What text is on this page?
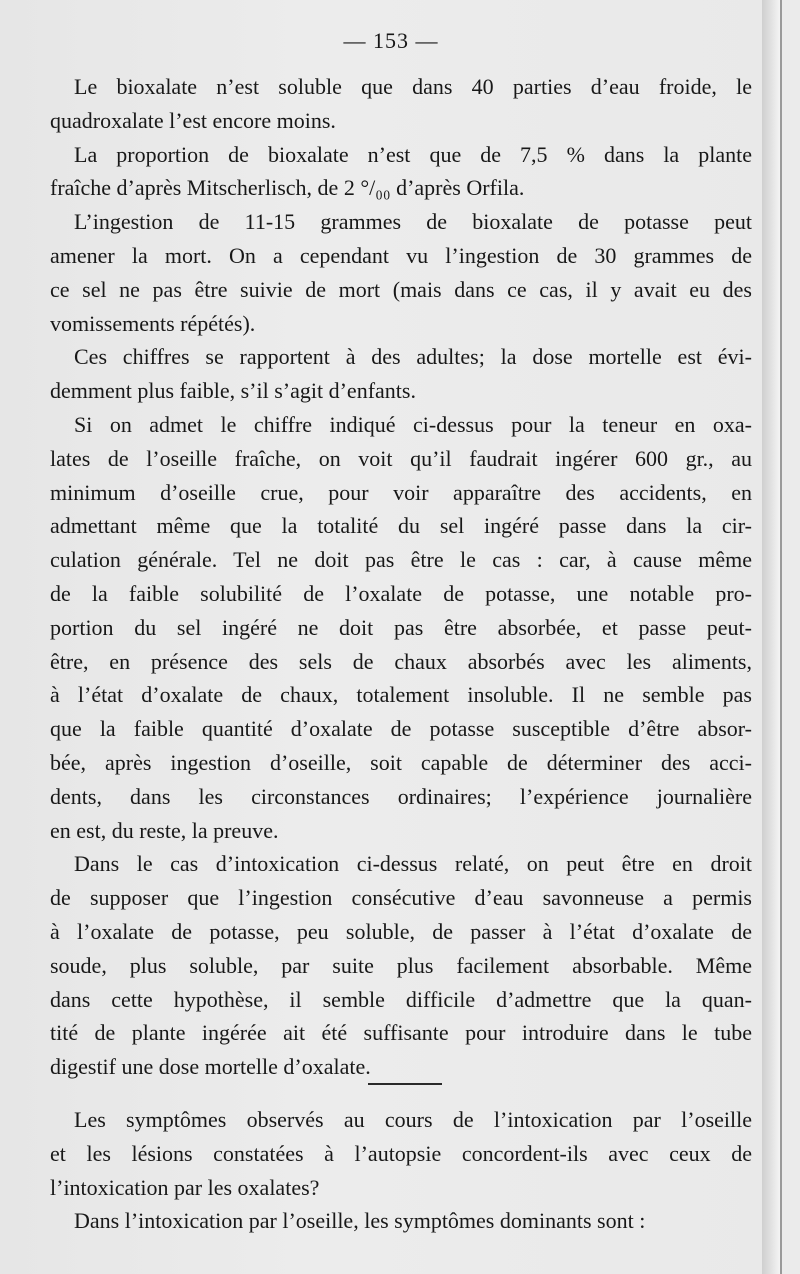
— 153 —
Le bioxalate n’est soluble que dans 40 parties d’eau froide, le
quadroxalate l’est encore moins.
La proportion de bioxalate n’est que de 7,5 % dans la plante
fraîche d’après Mitscherlisch, de 2 °/₀₀ d’après Orfila.
L’ingestion de 11-15 grammes de bioxalate de potasse peut
amener la mort. On a cependant vu l’ingestion de 30 grammes de
ce sel ne pas être suivie de mort (mais dans ce cas, il y avait eu des
vomissements répétés).
Ces chiffres se rapportent à des adultes; la dose mortelle est évi-
demment plus faible, s’il s’agit d’enfants.
Si on admet le chiffre indiqué ci-dessus pour la teneur en oxa-
lates de l’oseille fraîche, on voit qu’il faudrait ingérer 600 gr., au
minimum d’oseille crue, pour voir apparaître des accidents, en
admettant même que la totalité du sel ingéré passe dans la cir-
culation générale. Tel ne doit pas être le cas : car, à cause même
de la faible solubilité de l’oxalate de potasse, une notable pro-
portion du sel ingéré ne doit pas être absorbée, et passe peut-
être, en présence des sels de chaux absorbés avec les aliments,
à l’état d’oxalate de chaux, totalement insoluble. Il ne semble pas
que la faible quantité d’oxalate de potasse susceptible d’être absor-
bée, après ingestion d’oseille, soit capable de déterminer des acci-
dents, dans les circonstances ordinaires; l’expérience journalière
en est, du reste, la preuve.
Dans le cas d’intoxication ci-dessus relaté, on peut être en droit
de supposer que l’ingestion consécutive d’eau savonneuse a permis
à l’oxalate de potasse, peu soluble, de passer à l’état d’oxalate de
soude, plus soluble, par suite plus facilement absorbable. Même
dans cette hypothèse, il semble difficile d’admettre que la quan-
tité de plante ingérée ait été suffisante pour introduire dans le tube
digestif une dose mortelle d’oxalate.
Les symptômes observés au cours de l’intoxication par l’oseille
et les lésions constatées à l’autopsie concordent-ils avec ceux de
l’intoxication par les oxalates?
Dans l’intoxication par l’oseille, les symptômes dominants sont :
